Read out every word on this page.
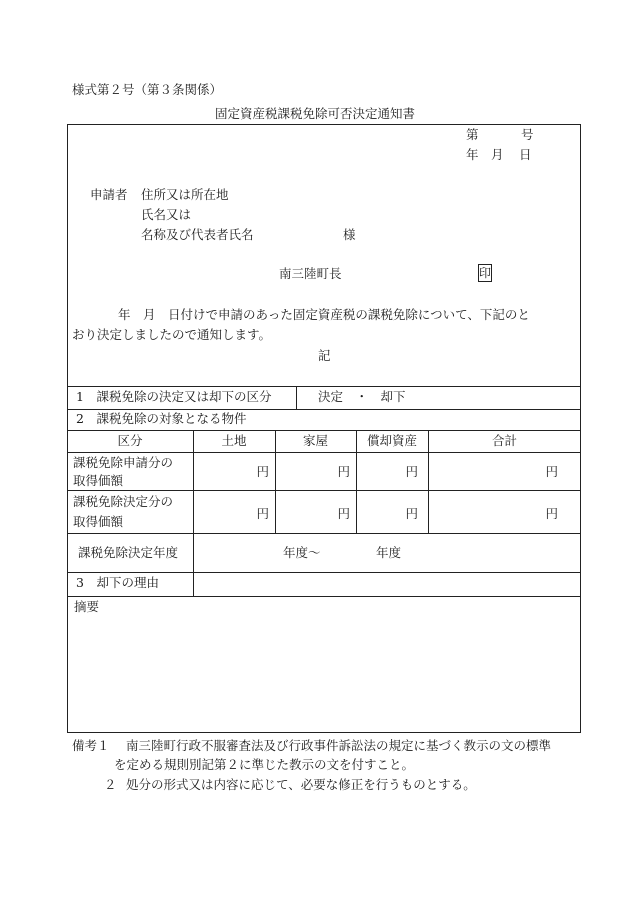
様式第２号（第３条関係）
固定資産税課税免除可否決定通知書
第	号
年 月 日
申請者 住所又は所在地
氏名又は
名称及び代表者氏名	様
南三陸町長	印
年　月　日付けで申請のあった固定資産税の課税免除について、下記のと
おり決定しましたので通知します。
記
1　課税免除の決定又は却下の区分	決定　・　却下
2　課税免除の対象となる物件
区分	土地	家屋	償却資産	合計
課税免除申請分の
取得価額
円	円	円	円
課税免除決定分の
取得価額
円	円	円	円
課税免除決定年度	年度～	年度
3　却下の理由
摘要
備考１ 南三陸町行政不服審査法及び行政事件訴訟法の規定に基づく教示の文の標準
を定める規則別記第２に準じた教示の文を付すこと。
２ 処分の形式又は内容に応じて、必要な修正を行うものとする。
